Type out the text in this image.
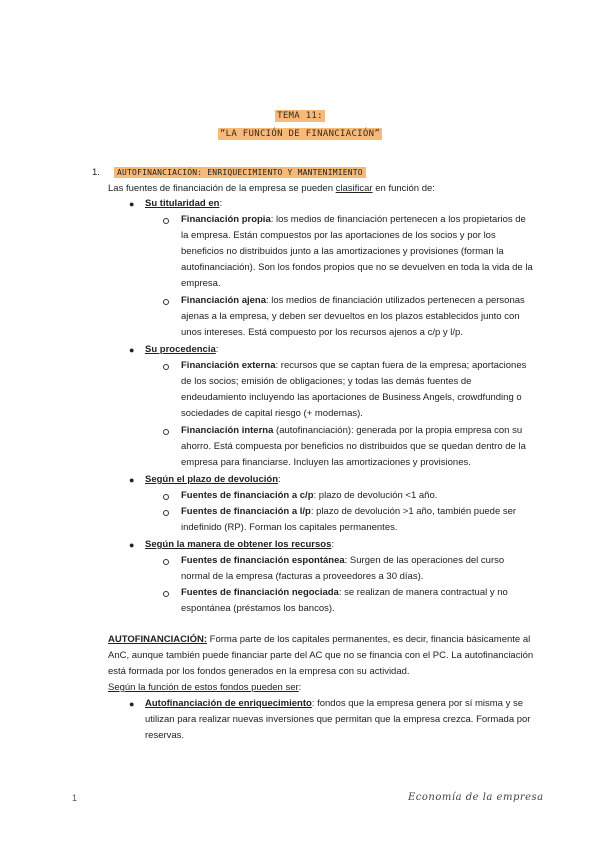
TEMA 11:
“LA FUNCIÓN DE FINANCIACIÓN”
1. AUTOFINANCIACIÓN: ENRIQUECIMIENTO Y MANTENIMIENTO
Las fuentes de financiación de la empresa se pueden clasificar en función de:
● Su titularidad en:
Financiación propia: los medios de financiación pertenecen a los propietarios de
la empresa. Están compuestos por las aportaciones de los socios y por los
beneficios no distribuidos junto a las amortizaciones y provisiones (forman la
autofinanciación). Son los fondos propios que no se devuelven en toda la vida de la
empresa.
Financiación ajena: los medios de financiación utilizados pertenecen a personas
ajenas a la empresa, y deben ser devueltos en los plazos establecidos junto con
unos intereses. Está compuesto por los recursos ajenos a c/p y l/p.
● Su procedencia:
Financiación externa: recursos que se captan fuera de la empresa; aportaciones
de los socios; emisión de obligaciones; y todas las demás fuentes de
endeudamiento incluyendo las aportaciones de Business Angels, crowdfunding o
sociedades de capital riesgo (+ modernas).
Financiación interna (autofinanciación): generada por la propia empresa con su
ahorro. Está compuesta por beneficios no distribuidos que se quedan dentro de la
empresa para financiarse. Incluyen las amortizaciones y provisiones.
● Según el plazo de devolución:
Fuentes de financiación a c/p: plazo de devolución <1 año.
Fuentes de financiación a l/p: plazo de devolución >1 año, también puede ser
indefinido (RP). Forman los capitales permanentes.
● Según la manera de obtener los recursos:
Fuentes de financiación espontánea: Surgen de las operaciones del curso
normal de la empresa (facturas a proveedores a 30 días).
Fuentes de financiación negociada: se realizan de manera contractual y no
espontánea (préstamos los bancos).
AUTOFINANCIACIÓN: Forma parte de los capitales permanentes, es decir, financia básicamente al
AnC, aunque también puede financiar parte del AC que no se financia con el PC. La autofinanciación
está formada por los fondos generados en la empresa con su actividad.
Según la función de estos fondos pueden ser:
● Autofinanciación de enriquecimiento: fondos que la empresa genera por sí misma y se
utilizan para realizar nuevas inversiones que permitan que la empresa crezca. Formada por
reservas.
1	Economía de la empresa
